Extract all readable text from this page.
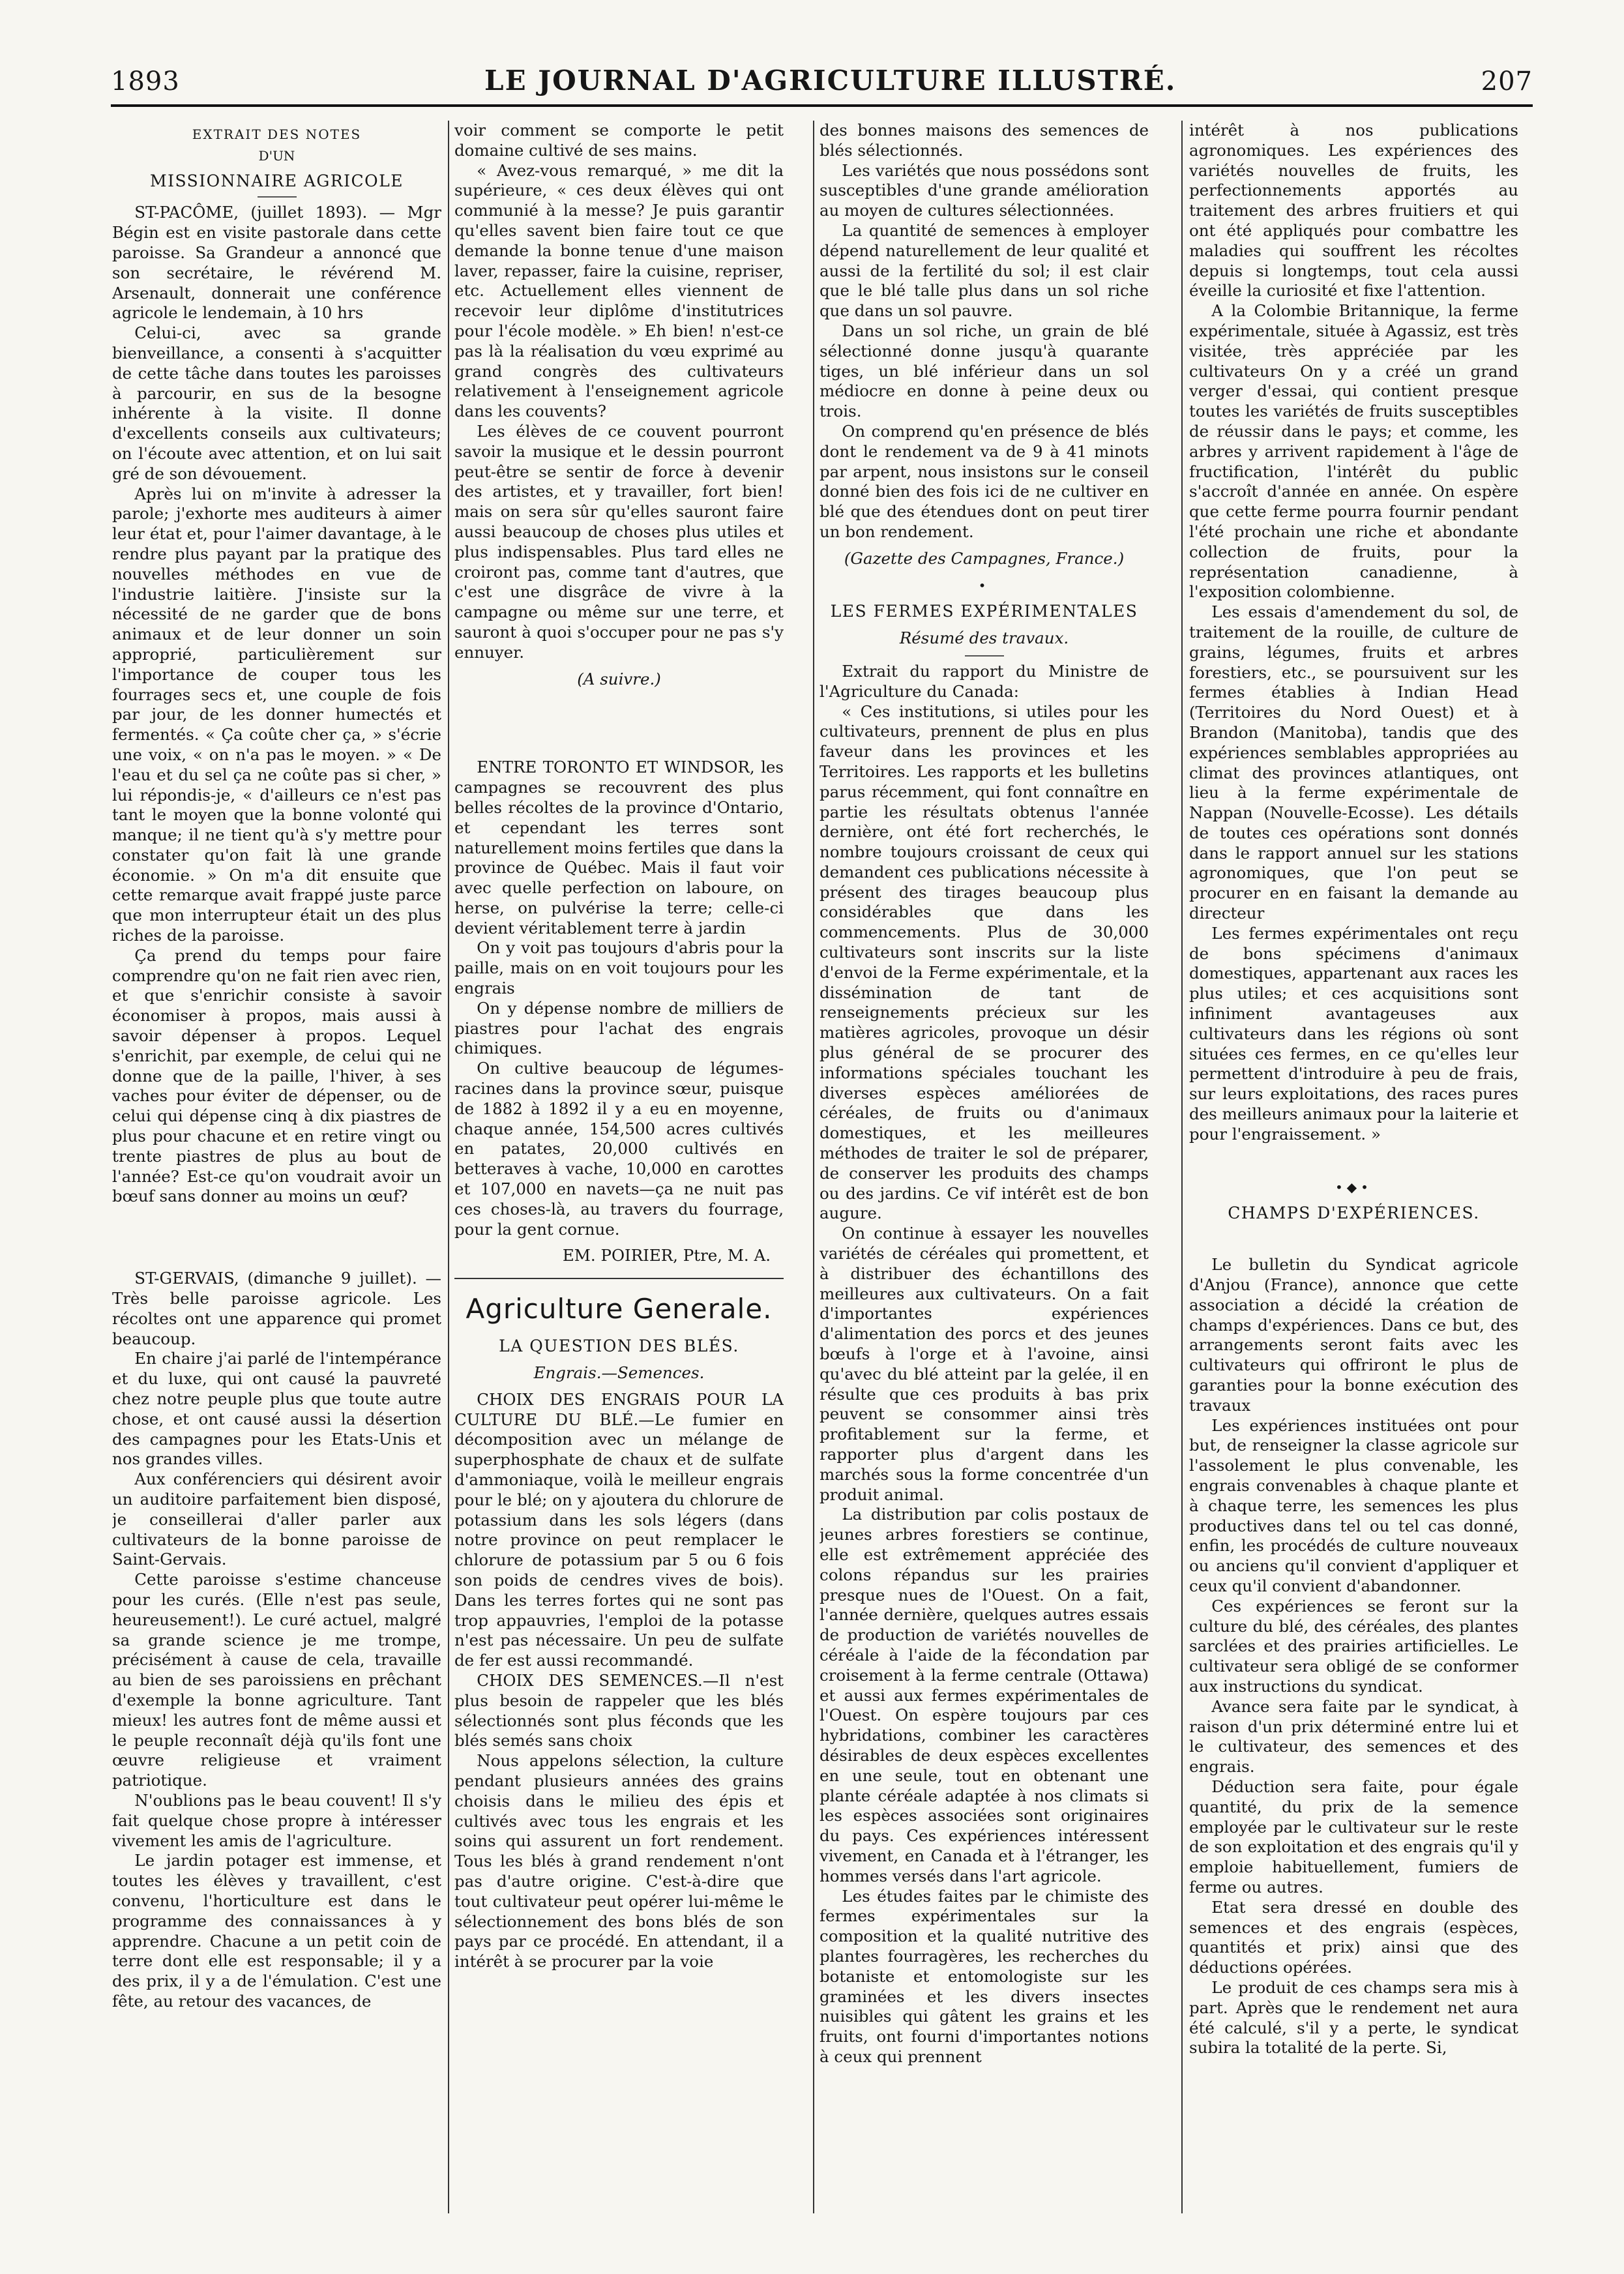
1893	LE JOURNAL D'AGRICULTURE ILLUSTRÉ.	207
EXTRAIT DES NOTES
D'UN
MISSIONNAIRE AGRICOLE

ST-PACÔME, (juillet 1893). — Mgr Bégin est en visite pastorale dans cette paroisse. Sa Grandeur a annoncé que son secrétaire, le révérend M. Arsenault, donnerait une conférence agricole le lendemain, à 10 hrs

Celui-ci, avec sa grande bienveillance, a consenti à s'acquitter de cette tâche dans toutes les paroisses à parcourir, en sus de la besogne inhérente à la visite. Il donne d'excellents conseils aux cultivateurs; on l'écoute avec attention, et on lui sait gré de son dévouement.

Après lui on m'invite à adresser la parole; j'exhorte mes auditeurs à aimer leur état et, pour l'aimer davantage, à le rendre plus payant par la pratique des nouvelles méthodes en vue de l'industrie laitière. J'insiste sur la nécessité de ne garder que de bons animaux et de leur donner un soin approprié, particulièrement sur l'importance de couper tous les fourrages secs et, une couple de fois par jour, de les donner humectés et fermentés. « Ça coûte cher ça, » s'écrie une voix, « on n'a pas le moyen. » « De l'eau et du sel ça ne coûte pas si cher, » lui répondis-je, « d'ailleurs ce n'est pas tant le moyen que la bonne volonté qui manque; il ne tient qu'à s'y mettre pour constater qu'on fait là une grande économie. » On m'a dit ensuite que cette remarque avait frappé juste parce que mon interrupteur était un des plus riches de la paroisse.

Ça prend du temps pour faire comprendre qu'on ne fait rien avec rien, et que s'enrichir consiste à savoir économiser à propos, mais aussi à savoir dépenser à propos. Lequel s'enrichit, par exemple, de celui qui ne donne que de la paille, l'hiver, à ses vaches pour éviter de dépenser, ou de celui qui dépense cinq à dix piastres de plus pour chacune et en retire vingt ou trente piastres de plus au bout de l'année? Est-ce qu'on voudrait avoir un bœuf sans donner au moins un œuf?

ST-GERVAIS, (dimanche 9 juillet). — Très belle paroisse agricole. Les récoltes ont une apparence qui promet beaucoup.

En chaire j'ai parlé de l'intempérance et du luxe, qui ont causé la pauvreté chez notre peuple plus que toute autre chose, et ont causé aussi la désertion des campagnes pour les Etats-Unis et nos grandes villes.

Aux conférenciers qui désirent avoir un auditoire parfaitement bien disposé, je conseillerai d'aller parler aux cultivateurs de la bonne paroisse de Saint-Gervais.

Cette paroisse s'estime chanceuse pour les curés. (Elle n'est pas seule, heureusement!). Le curé actuel, malgré sa grande science je me trompe, précisément à cause de cela, travaille au bien de ses paroissiens en prêchant d'exemple la bonne agriculture. Tant mieux! les autres font de même aussi et le peuple reconnaît déjà qu'ils font une œuvre religieuse et vraiment patriotique.

N'oublions pas le beau couvent! Il s'y fait quelque chose propre à intéresser vivement les amis de l'agriculture.

Le jardin potager est immense, et toutes les élèves y travaillent, c'est convenu, l'horticulture est dans le programme des connaissances à y apprendre. Chacune a un petit coin de terre dont elle est responsable; il y a des prix, il y a de l'émulation. C'est une fête, au retour des vacances, de

voir comment se comporte le petit domaine cultivé de ses mains.

« Avez-vous remarqué, » me dit la supérieure, « ces deux élèves qui ont communié à la messe? Je puis garantir qu'elles savent bien faire tout ce que demande la bonne tenue d'une maison laver, repasser, faire la cuisine, repriser, etc. Actuellement elles viennent de recevoir leur diplôme d'institutrices pour l'école modèle. » Eh bien! n'est-ce pas là la réalisation du vœu exprimé au grand congrès des cultivateurs relativement à l'enseignement agricole dans les couvents?

Les élèves de ce couvent pourront savoir la musique et le dessin pourront peut-être se sentir de force à devenir des artistes, et y travailler, fort bien! mais on sera sûr qu'elles sauront faire aussi beaucoup de choses plus utiles et plus indispensables. Plus tard elles ne croiront pas, comme tant d'autres, que c'est une disgrâce de vivre à la campagne ou même sur une terre, et sauront à quoi s'occuper pour ne pas s'y ennuyer.

(A suivre.)

ENTRE TORONTO ET WINDSOR, les campagnes se recouvrent des plus belles récoltes de la province d'Ontario, et cependant les terres sont naturellement moins fertiles que dans la province de Québec. Mais il faut voir avec quelle perfection on laboure, on herse, on pulvérise la terre; celle-ci devient véritablement terre à jardin

On y voit pas toujours d'abris pour la paille, mais on en voit toujours pour les engrais

On y dépense nombre de milliers de piastres pour l'achat des engrais chimiques.

On cultive beaucoup de légumes-racines dans la province sœur, puisque de 1882 à 1892 il y a eu en moyenne, chaque année, 154,500 acres cultivés en patates, 20,000 cultivés en betteraves à vache, 10,000 en carottes et 107,000 en navets—ça ne nuit pas ces choses-là, au travers du fourrage, pour la gent cornue.

EM. POIRIER, Ptre, M. A.

Agriculture Generale.
LA QUESTION DES BLÉS.

Engrais.—Semences.

CHOIX DES ENGRAIS POUR LA CULTURE DU BLÉ.—Le fumier en décomposition avec un mélange de superphosphate de chaux et de sulfate d'ammoniaque, voilà le meilleur engrais pour le blé; on y ajoutera du chlorure de potassium dans les sols légers (dans notre province on peut remplacer le chlorure de potassium par 5 ou 6 fois son poids de cendres vives de bois). Dans les terres fortes qui ne sont pas trop appauvries, l'emploi de la potasse n'est pas nécessaire. Un peu de sulfate de fer est aussi recommandé.

CHOIX DES SEMENCES.—Il n'est plus besoin de rappeler que les blés sélectionnés sont plus féconds que les blés semés sans choix

Nous appelons sélection, la culture pendant plusieurs années des grains choisis dans le milieu des épis et cultivés avec tous les engrais et les soins qui assurent un fort rendement. Tous les blés à grand rendement n'ont pas d'autre origine. C'est-à-dire que tout cultivateur peut opérer lui-même le sélectionnement des bons blés de son pays par ce procédé. En attendant, il a intérêt à se procurer par la voie

des bonnes maisons des semences de blés sélectionnés.

Les variétés que nous possédons sont susceptibles d'une grande amélioration au moyen de cultures sélectionnées.

La quantité de semences à employer dépend naturellement de leur qualité et aussi de la fertilité du sol; il est clair que le blé talle plus dans un sol riche que dans un sol pauvre.

Dans un sol riche, un grain de blé sélectionné donne jusqu'à quarante tiges, un blé inférieur dans un sol médiocre en donne à peine deux ou trois.

On comprend qu'en présence de blés dont le rendement va de 9 à 41 minots par arpent, nous insistons sur le conseil donné bien des fois ici de ne cultiver en blé que des étendues dont on peut tirer un bon rendement.

(Gazette des Campagnes, France.)

•
LES FERMES EXPÉRIMENTALES

Résumé des travaux.

Extrait du rapport du Ministre de l'Agriculture du Canada:

« Ces institutions, si utiles pour les cultivateurs, prennent de plus en plus faveur dans les provinces et les Territoires. Les rapports et les bulletins parus récemment, qui font connaître en partie les résultats obtenus l'année dernière, ont été fort recherchés, le nombre toujours croissant de ceux qui demandent ces publications nécessite à présent des tirages beaucoup plus considérables que dans les commencements. Plus de 30,000 cultivateurs sont inscrits sur la liste d'envoi de la Ferme expérimentale, et la dissémination de tant de renseignements précieux sur les matières agricoles, provoque un désir plus général de se procurer des informations spéciales touchant les diverses espèces améliorées de céréales, de fruits ou d'animaux domestiques, et les meilleures méthodes de traiter le sol de préparer, de conserver les produits des champs ou des jardins. Ce vif intérêt est de bon augure.

On continue à essayer les nouvelles variétés de céréales qui promettent, et à distribuer des échantillons des meilleures aux cultivateurs. On a fait d'importantes expériences d'alimentation des porcs et des jeunes bœufs à l'orge et à l'avoine, ainsi qu'avec du blé atteint par la gelée, il en résulte que ces produits à bas prix peuvent se consommer ainsi très profitablement sur la ferme, et rapporter plus d'argent dans les marchés sous la forme concentrée d'un produit animal.

La distribution par colis postaux de jeunes arbres forestiers se continue, elle est extrêmement appréciée des colons répandus sur les prairies presque nues de l'Ouest. On a fait, l'année dernière, quelques autres essais de production de variétés nouvelles de céréale à l'aide de la fécondation par croisement à la ferme centrale (Ottawa) et aussi aux fermes expérimentales de l'Ouest. On espère toujours par ces hybridations, combiner les caractères désirables de deux espèces excellentes en une seule, tout en obtenant une plante céréale adaptée à nos climats si les espèces associées sont originaires du pays. Ces expériences intéressent vivement, en Canada et à l'étranger, les hommes versés dans l'art agricole.

Les études faites par le chimiste des fermes expérimentales sur la composition et la qualité nutritive des plantes fourragères, les recherches du botaniste et entomologiste sur les graminées et les divers insectes nuisibles qui gâtent les grains et les fruits, ont fourni d'importantes notions à ceux qui prennent

intérêt à nos publications agronomiques. Les expériences des variétés nouvelles de fruits, les perfectionnements apportés au traitement des arbres fruitiers et qui ont été appliqués pour combattre les maladies qui souffrent les récoltes depuis si longtemps, tout cela aussi éveille la curiosité et fixe l'attention.

A la Colombie Britannique, la ferme expérimentale, située à Agassiz, est très visitée, très appréciée par les cultivateurs On y a créé un grand verger d'essai, qui contient presque toutes les variétés de fruits susceptibles de réussir dans le pays; et comme, les arbres y arrivent rapidement à l'âge de fructification, l'intérêt du public s'accroît d'année en année. On espère que cette ferme pourra fournir pendant l'été prochain une riche et abondante collection de fruits, pour la représentation canadienne, à l'exposition colombienne.

Les essais d'amendement du sol, de traitement de la rouille, de culture de grains, légumes, fruits et arbres forestiers, etc., se poursuivent sur les fermes établies à Indian Head (Territoires du Nord Ouest) et à Brandon (Manitoba), tandis que des expériences semblables appropriées au climat des provinces atlantiques, ont lieu à la ferme expérimentale de Nappan (Nouvelle-Ecosse). Les détails de toutes ces opérations sont donnés dans le rapport annuel sur les stations agronomiques, que l'on peut se procurer en en faisant la demande au directeur

Les fermes expérimentales ont reçu de bons spécimens d'animaux domestiques, appartenant aux races les plus utiles; et ces acquisitions sont infiniment avantageuses aux cultivateurs dans les régions où sont situées ces fermes, en ce qu'elles leur permettent d'introduire à peu de frais, sur leurs exploitations, des races pures des meilleurs animaux pour la laiterie et pour l'engraissement. »

•◆•
CHAMPS D'EXPÉRIENCES.

Le bulletin du Syndicat agricole d'Anjou (France), annonce que cette association a décidé la création de champs d'expériences. Dans ce but, des arrangements seront faits avec les cultivateurs qui offriront le plus de garanties pour la bonne exécution des travaux

Les expériences instituées ont pour but, de renseigner la classe agricole sur l'assolement le plus convenable, les engrais convenables à chaque plante et à chaque terre, les semences les plus productives dans tel ou tel cas donné, enfin, les procédés de culture nouveaux ou anciens qu'il convient d'appliquer et ceux qu'il convient d'abandonner.

Ces expériences se feront sur la culture du blé, des céréales, des plantes sarclées et des prairies artificielles. Le cultivateur sera obligé de se conformer aux instructions du syndicat.

Avance sera faite par le syndicat, à raison d'un prix déterminé entre lui et le cultivateur, des semences et des engrais.

Déduction sera faite, pour égale quantité, du prix de la semence employée par le cultivateur sur le reste de son exploitation et des engrais qu'il y emploie habituellement, fumiers de ferme ou autres.

Etat sera dressé en double des semences et des engrais (espèces, quantités et prix) ainsi que des déductions opérées.

Le produit de ces champs sera mis à part. Après que le rendement net aura été calculé, s'il y a perte, le syndicat subira la totalité de la perte. Si,
